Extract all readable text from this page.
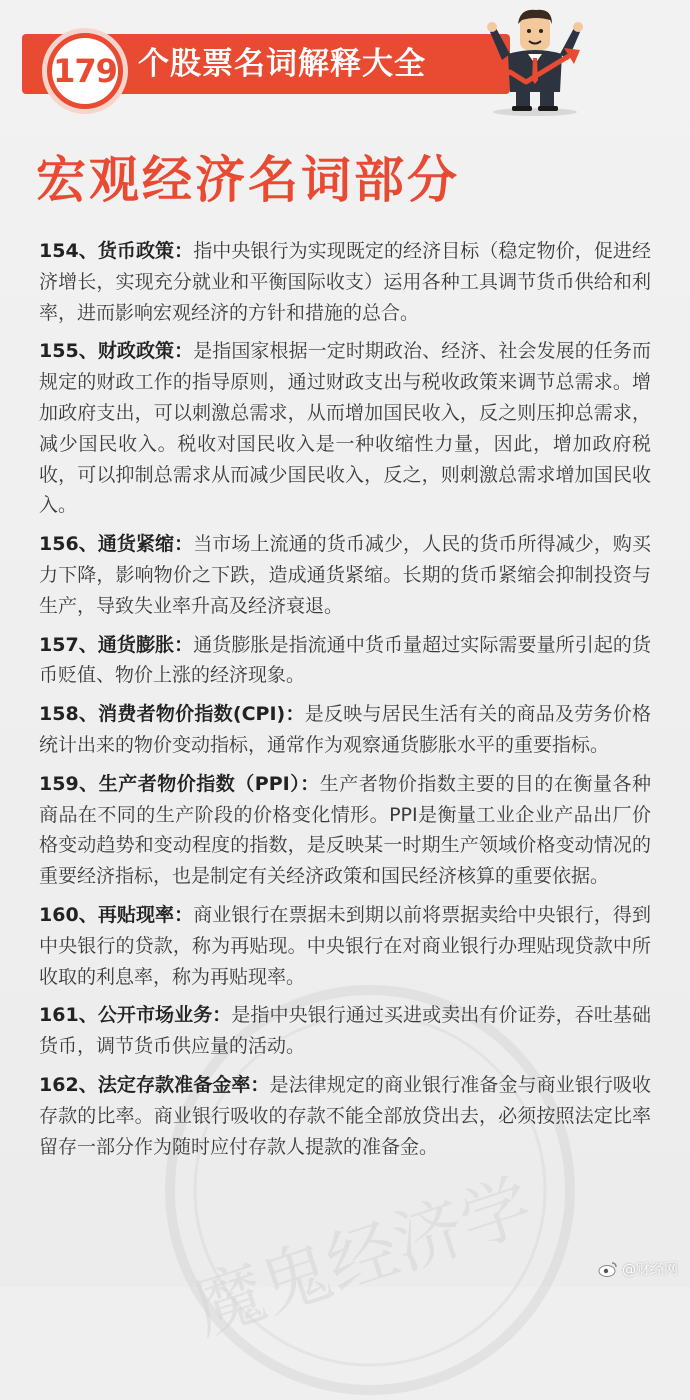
179 个股票名词解释大全
宏观经济名词部分
魔鬼经济学
154、货币政策：指中央银行为实现既定的经济目标（稳定物价，促进经济增长，实现充分就业和平衡国际收支）运用各种工具调节货币供给和利率，进而影响宏观经济的方针和措施的总合。
155、财政政策：是指国家根据一定时期政治、经济、社会发展的任务而规定的财政工作的指导原则，通过财政支出与税收政策来调节总需求。增加政府支出，可以刺激总需求，从而增加国民收入，反之则压抑总需求，减少国民收入。税收对国民收入是一种收缩性力量，因此，增加政府税收，可以抑制总需求从而减少国民收入，反之，则刺激总需求增加国民收入。
156、通货紧缩：当市场上流通的货币减少，人民的货币所得减少，购买力下降，影响物价之下跌，造成通货紧缩。长期的货币紧缩会抑制投资与生产，导致失业率升高及经济衰退。
157、通货膨胀：通货膨胀是指流通中货币量超过实际需要量所引起的货币贬值、物价上涨的经济现象。
158、消费者物价指数(CPI)：是反映与居民生活有关的商品及劳务价格统计出来的物价变动指标，通常作为观察通货膨胀水平的重要指标。
159、生产者物价指数（PPI）：生产者物价指数主要的目的在衡量各种商品在不同的生产阶段的价格变化情形。PPI是衡量工业企业产品出厂价格变动趋势和变动程度的指数，是反映某一时期生产领域价格变动情况的重要经济指标，也是制定有关经济政策和国民经济核算的重要依据。
160、再贴现率：商业银行在票据未到期以前将票据卖给中央银行，得到中央银行的贷款，称为再贴现。中央银行在对商业银行办理贴现贷款中所收取的利息率，称为再贴现率。
161、公开市场业务：是指中央银行通过买进或卖出有价证券，吞吐基础货币，调节货币供应量的活动。
162、法定存款准备金率：是法律规定的商业银行准备金与商业银行吸收存款的比率。商业银行吸收的存款不能全部放贷出去，必须按照法定比率留存一部分作为随时应付存款人提款的准备金。
@财经网
